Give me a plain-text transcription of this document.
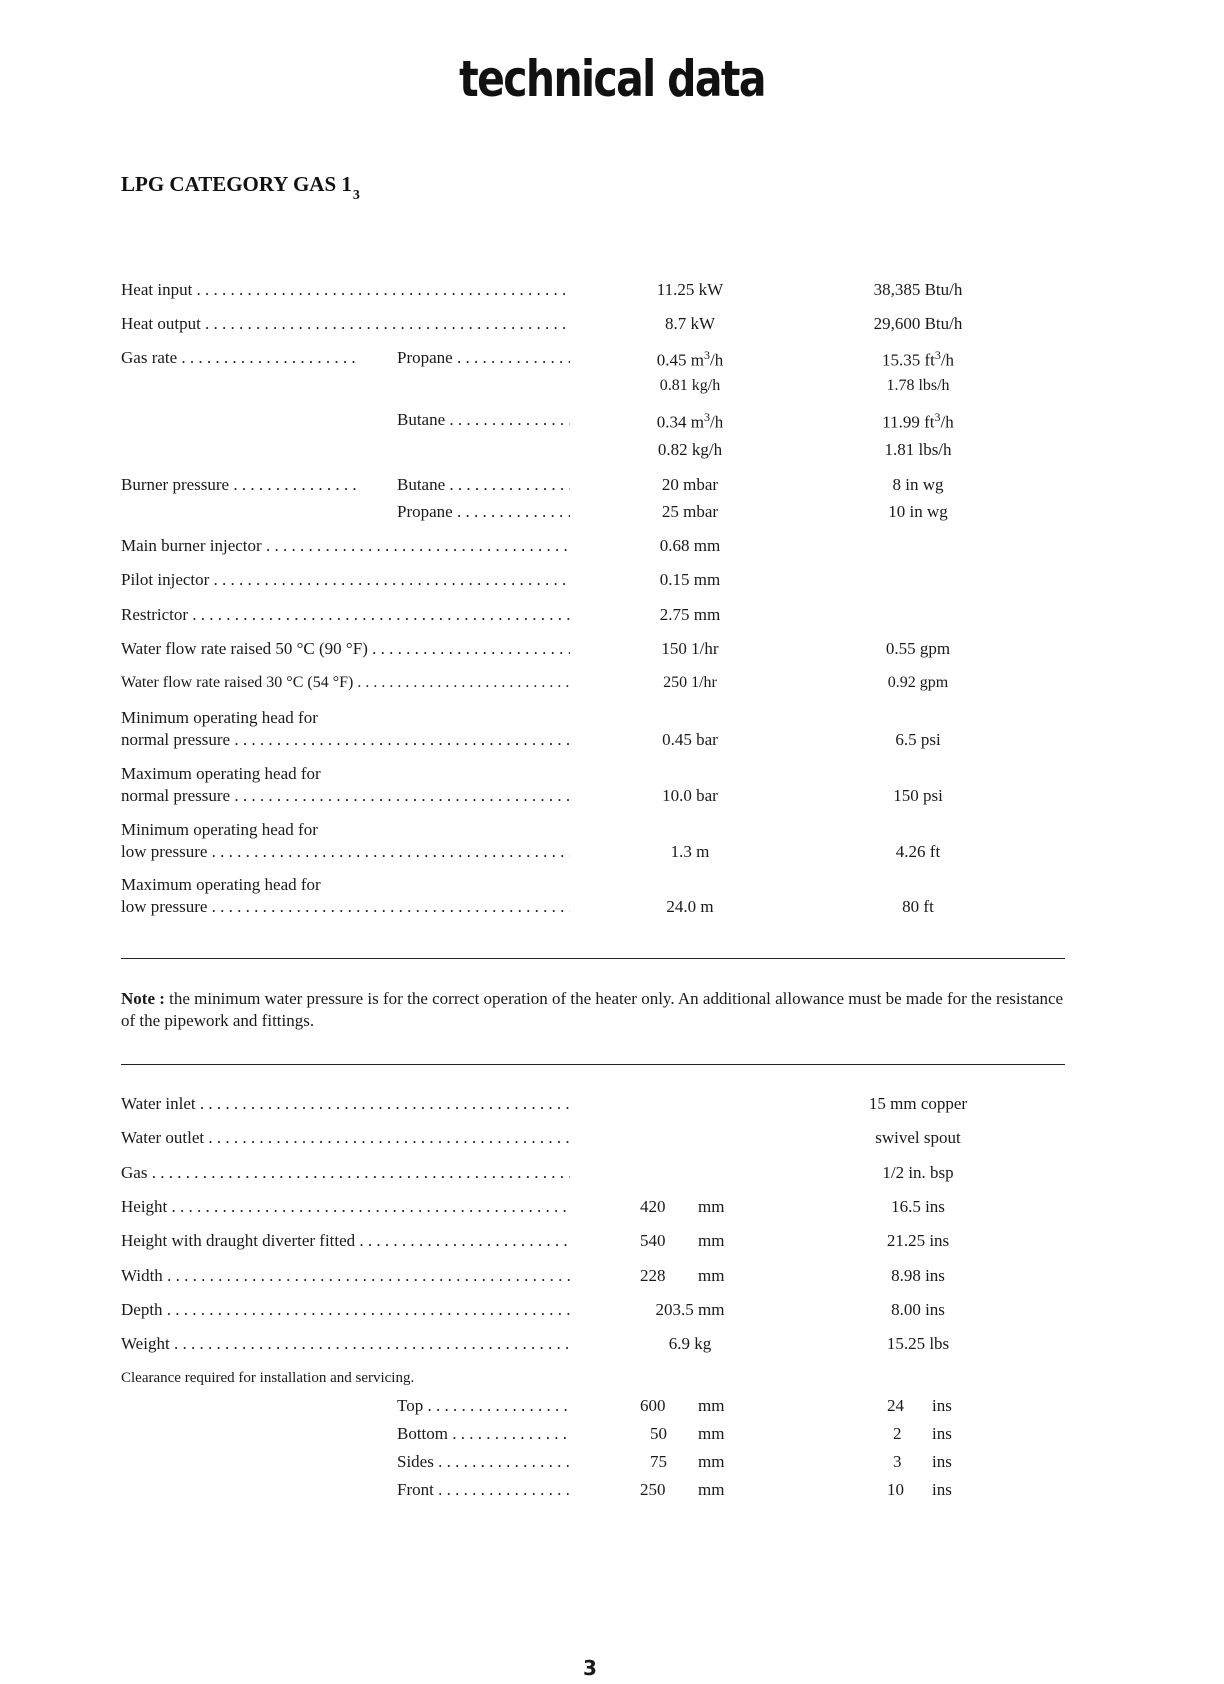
technical data
LPG CATEGORY GAS $1_3$
Heat input . . .	11.25 kW	38,385 Btu/h
Heat output . . .	8.7 kW	29,600 Btu/h
Gas rate . . . . . . . . . . . . . . . . . . . . . Propane . . .	0.45 $m^3/h$	15.35 $ft^3/h$
0.81 kg/h	1.78 lbs/h
Butane . . .	0.34 $m^3/h$	11.99 $ft^3/h$
0.82 kg/h	1.81 lbs/h
Burner pressure . . . . . . . . . . . . . . . Butane . . .	20 mbar	8 in wg
Propane . . .	25 mbar	10 in wg
Main burner injector . . .	0.68 mm
Pilot injector . . .	0.15 mm
Restrictor . . .	2.75 mm
Water flow rate raised 50 °C (90 °F) . . .	150 1/hr	0.55 gpm
Water flow rate raised 30 °C (54 °F) . . .	250 1/hr	0.92 gpm
Minimum operating head for
normal pressure . . .	0.45 bar	6.5 psi
Maximum operating head for
normal pressure . . .	10.0 bar	150 psi
Minimum operating head for
low pressure . . .	1.3 m	4.26 ft
Maximum operating head for
low pressure . . .	24.0 m	80 ft
Note : the minimum water pressure is for the correct operation of the heater only. An additional allowance must be made for the resistance of the pipework and fittings.
Water inlet . . .	15 mm copper
Water outlet . . .	swivel spout
Gas . . .	1/2 in. bsp
Height . . .	420 mm	16.5 ins
Height with draught diverter fitted . . .	540 mm	21.25 ins
Width . . .	228 mm	8.98 ins
Depth . . .	203.5 mm	8.00 ins
Weight . . .	6.9 kg	15.25 lbs
Clearance required for installation and servicing.
Top . . .	600 mm	24 ins
Bottom . . .	50 mm	2 ins
Sides . . .	75 mm	3 ins
Front . . .	250 mm	10 ins
3
